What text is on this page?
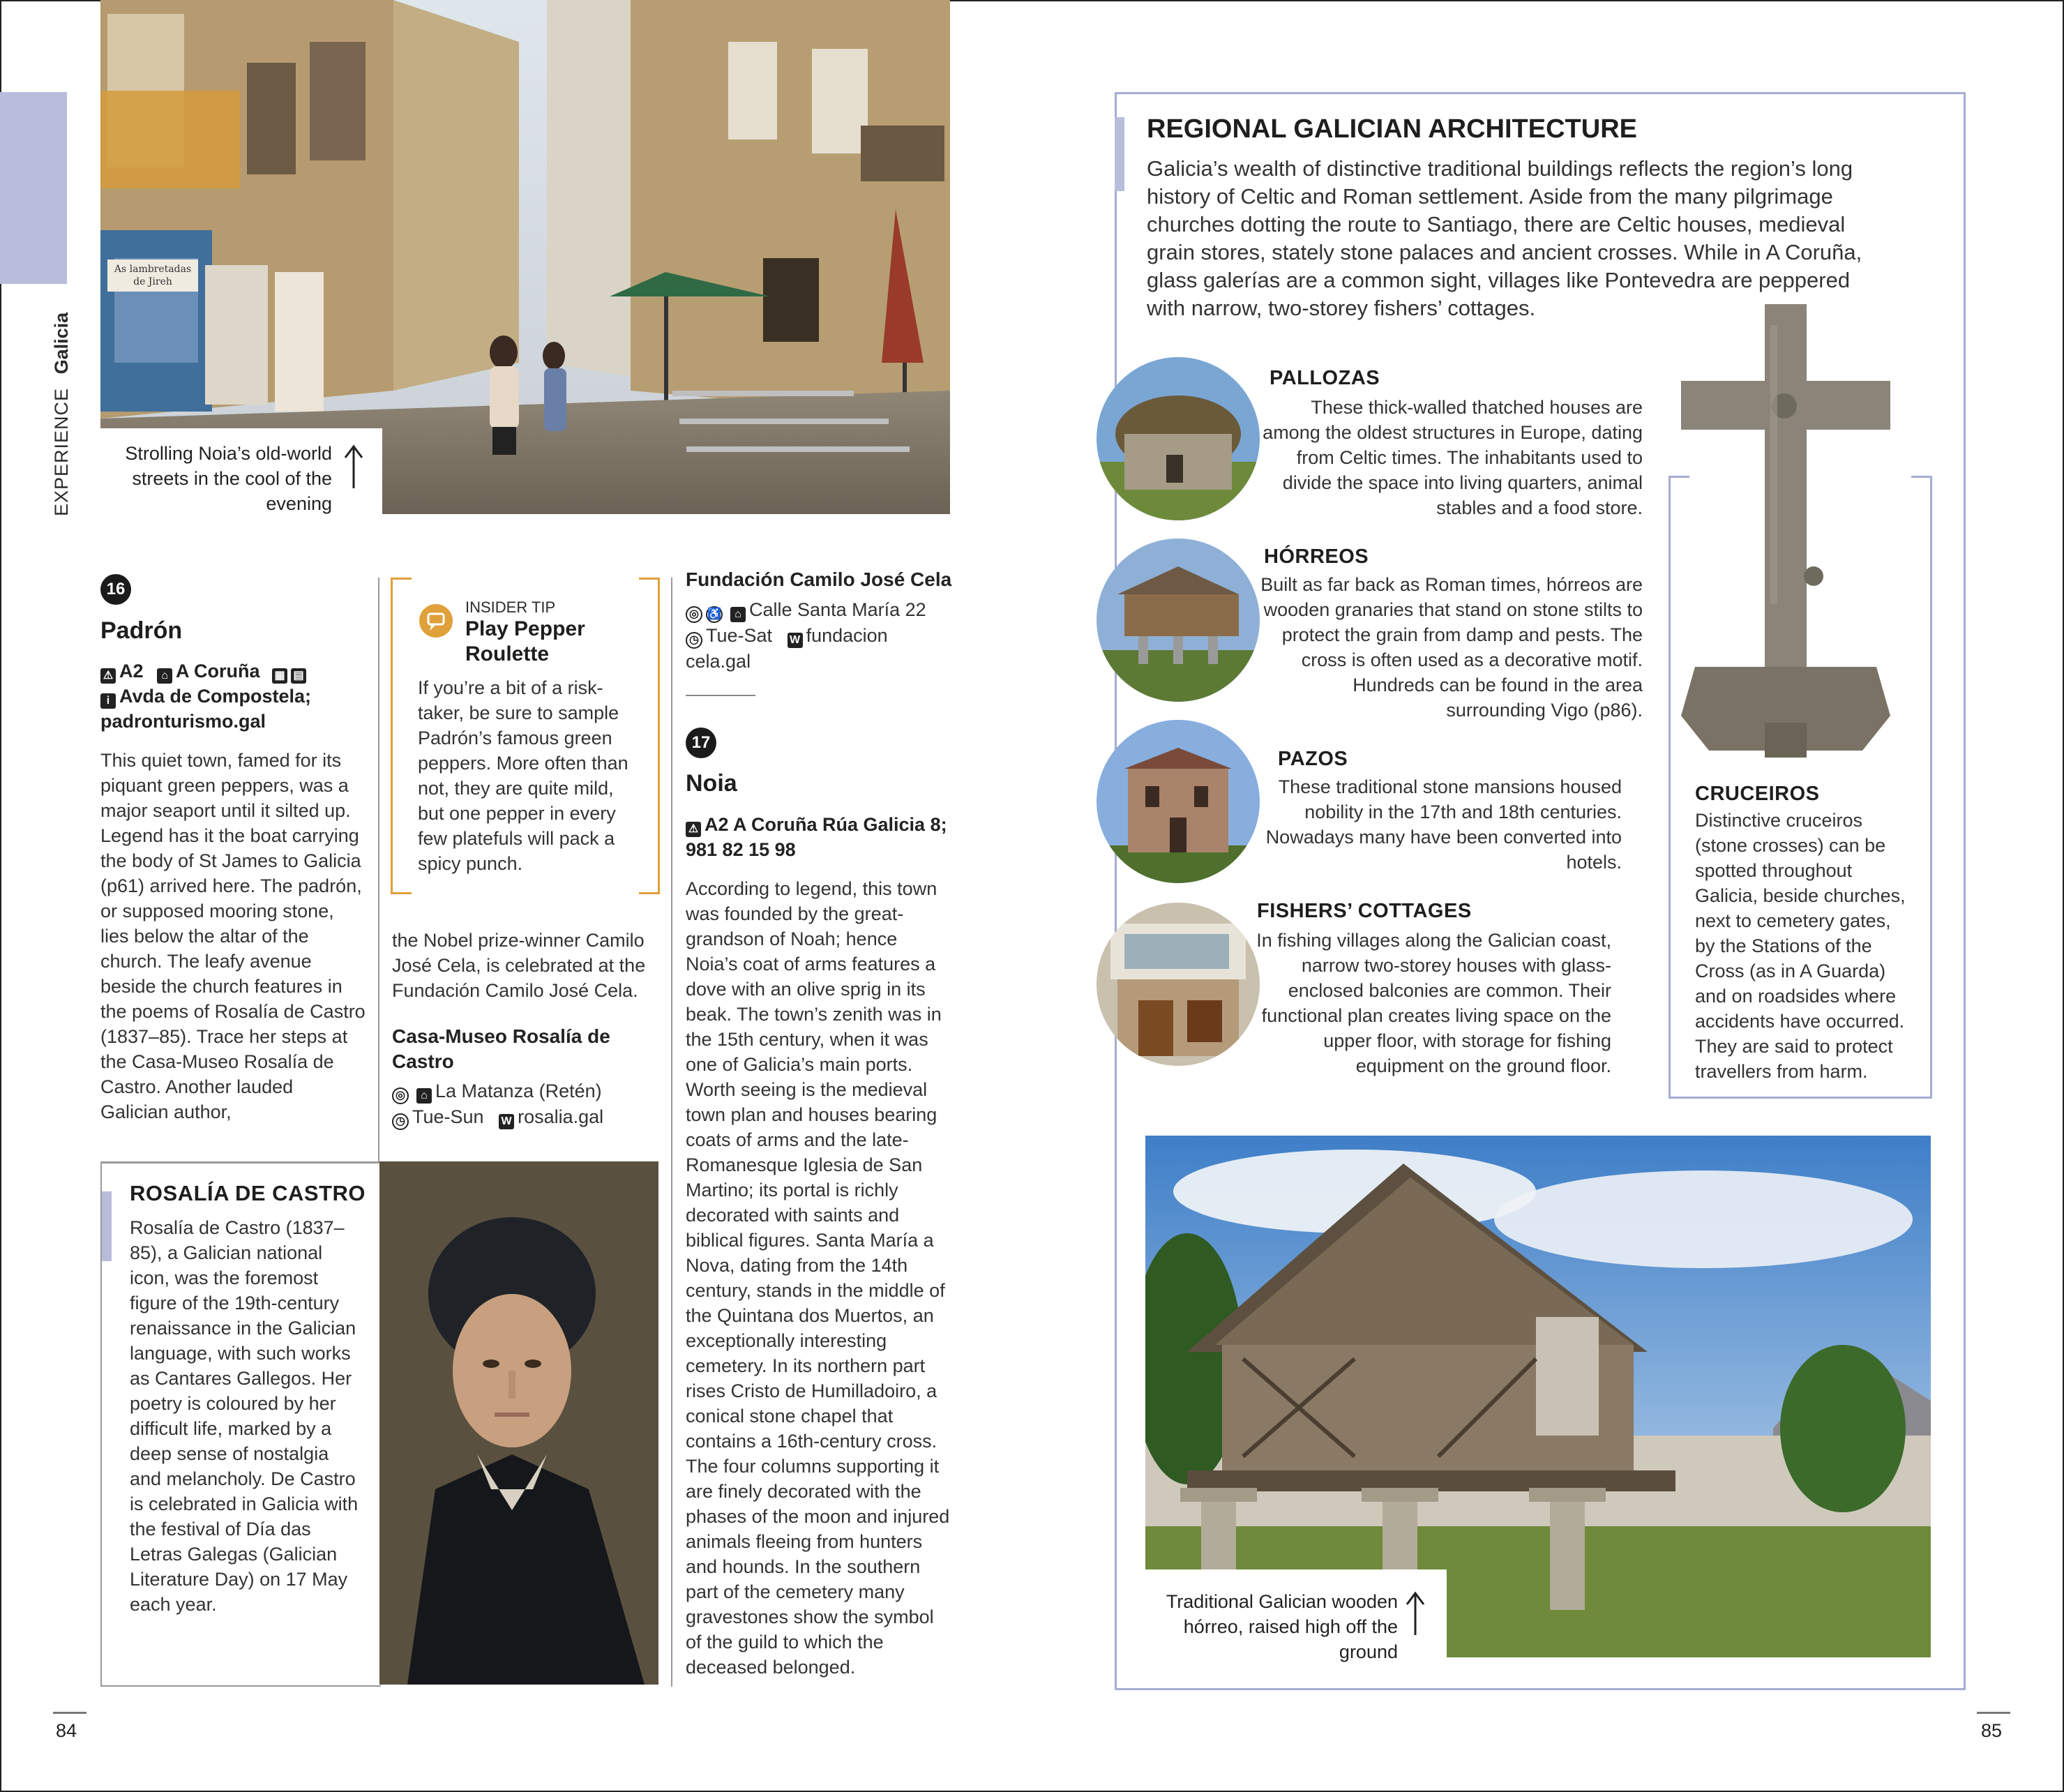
EXPERIENCE Galicia
As lambretadas
de Jireh
Strolling Noia’s old-world streets in the cool of the evening
16
Padrón
⚠ A2 ⌂ A Coruña ▦ ▤
i Avda de Compostela; padronturismo.gal
This quiet town, famed for its piquant green peppers, was a major seaport until it silted up. Legend has it the boat carrying the body of St James to Galicia (p61) arrived here. The padrón, or supposed mooring stone, lies below the altar of the church. The leafy avenue beside the church features in the poems of Rosalía de Castro (1837–85). Trace her steps at the Casa-Museo Rosalía de Castro. Another lauded Galician author,
INSIDER TIP
Play Pepper Roulette
If you’re a bit of a risk-taker, be sure to sample Padrón’s famous green peppers. More often than not, they are quite mild, but one pepper in every few platefuls will pack a spicy punch.
the Nobel prize-winner Camilo José Cela, is celebrated at the Fundación Camilo José Cela.
Casa-Museo Rosalía de Castro
◎ ⌂ La Matanza (Retén)
◷ Tue-Sun W rosalia.gal
Fundación Camilo José Cela
◎ ♿ ⌂ Calle Santa María 22
◷ Tue-Sat W fundacion cela.gal
17
Noia
⚠ A2 A Coruña Rúa Galicia 8; 981 82 15 98
According to legend, this town was founded by the great-grandson of Noah; hence Noia’s coat of arms features a dove with an olive sprig in its beak. The town’s zenith was in the 15th century, when it was one of Galicia’s main ports. Worth seeing is the medieval town plan and houses bearing coats of arms and the late-Romanesque Iglesia de San Martino; its portal is richly decorated with saints and biblical figures. Santa María a Nova, dating from the 14th century, stands in the middle of the Quintana dos Muertos, an exceptionally interesting cemetery. In its northern part rises Cristo de Humilladoiro, a conical stone chapel that contains a 16th-century cross. The four columns supporting it are finely decorated with the phases of the moon and injured animals fleeing from hunters and hounds. In the southern part of the cemetery many gravestones show the symbol of the guild to which the deceased belonged.
ROSALÍA DE CASTRO
Rosalía de Castro (1837–85), a Galician national icon, was the foremost figure of the 19th-century renaissance in the Galician language, with such works as Cantares Gallegos. Her poetry is coloured by her difficult life, marked by a deep sense of nostalgia and melancholy. De Castro is celebrated in Galicia with the festival of Día das Letras Galegas (Galician Literature Day) on 17 May each year.
REGIONAL GALICIAN ARCHITECTURE
Galicia’s wealth of distinctive traditional buildings reflects the region’s long history of Celtic and Roman settlement. Aside from the many pilgrimage churches dotting the route to Santiago, there are Celtic houses, medieval grain stores, stately stone palaces and ancient crosses. While in A Coruña, glass galerías are a common sight, villages like Pontevedra are peppered with narrow, two-storey fishers’ cottages.
PALLOZAS
These thick-walled thatched houses are among the oldest structures in Europe, dating from Celtic times. The inhabitants used to divide the space into living quarters, animal stables and a food store.
HÓRREOS
Built as far back as Roman times, hórreos are wooden granaries that stand on stone stilts to protect the grain from damp and pests. The cross is often used as a decorative motif. Hundreds can be found in the area surrounding Vigo (p86).
PAZOS
These traditional stone mansions housed nobility in the 17th and 18th centuries. Nowadays many have been converted into hotels.
FISHERS’ COTTAGES
In fishing villages along the Galician coast, narrow two-storey houses with glass-enclosed balconies are common. Their functional plan creates living space on the upper floor, with storage for fishing equipment on the ground floor.
CRUCEIROS
Distinctive cruceiros (stone crosses) can be spotted throughout Galicia, beside churches, next to cemetery gates, by the Stations of the Cross (as in A Guarda) and on roadsides where accidents have occurred. They are said to protect travellers from harm.
Traditional Galician wooden hórreo, raised high off the ground
84	85
